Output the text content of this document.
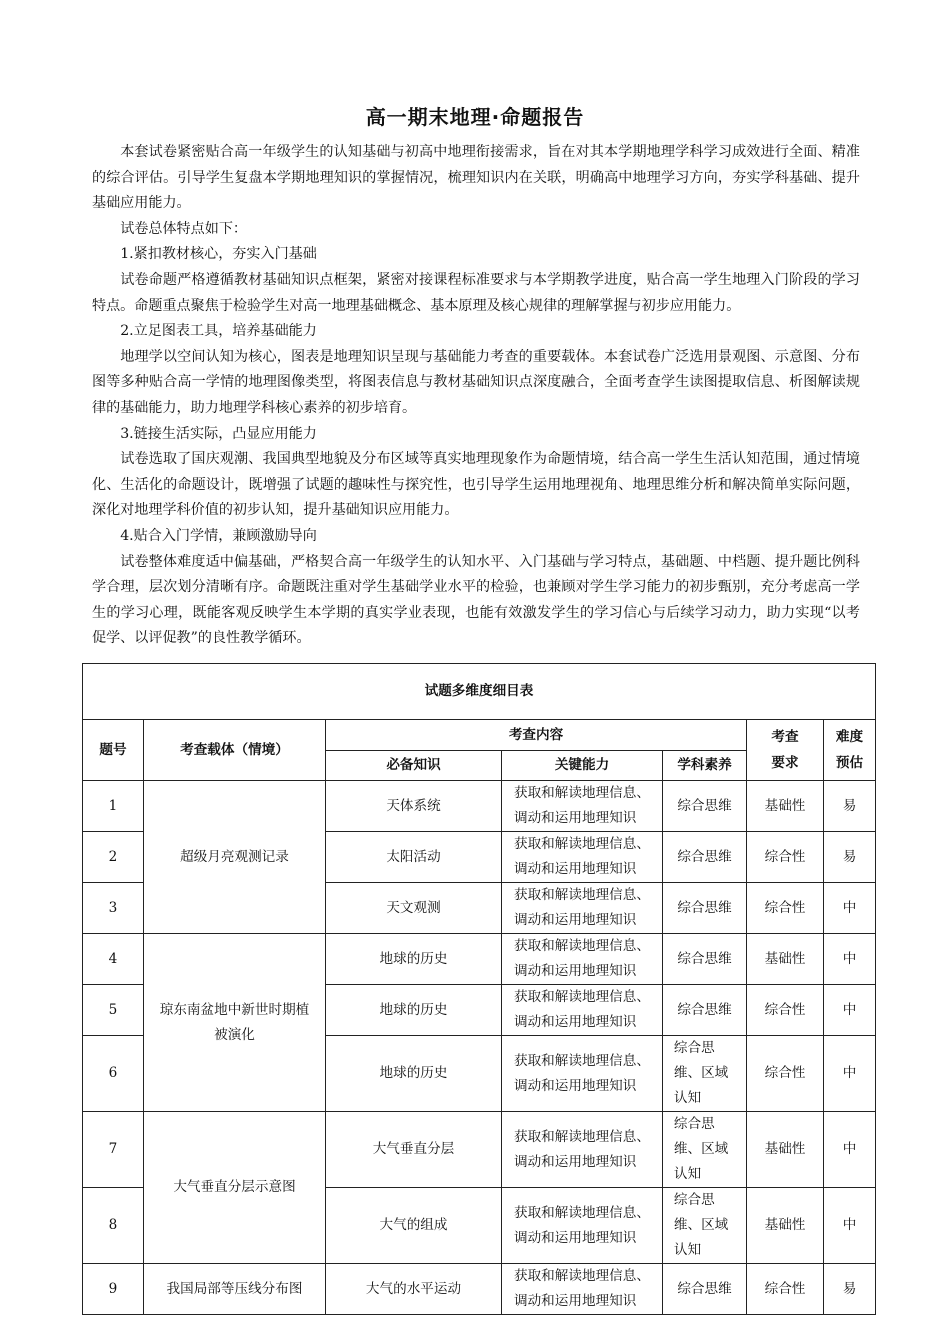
高一期末地理·命题报告

本套试卷紧密贴合高一年级学生的认知基础与初高中地理衔接需求，旨在对其本学期地理学科学习成效进行全面、精准的综合评估。引导学生复盘本学期地理知识的掌握情况，梳理知识内在关联，明确高中地理学习方向，夯实学科基础、提升基础应用能力。

试卷总体特点如下：

1.紧扣教材核心，夯实入门基础

试卷命题严格遵循教材基础知识点框架，紧密对接课程标准要求与本学期教学进度，贴合高一学生地理入门阶段的学习特点。命题重点聚焦于检验学生对高一地理基础概念、基本原理及核心规律的理解掌握与初步应用能力。

2.立足图表工具，培养基础能力

地理学以空间认知为核心，图表是地理知识呈现与基础能力考查的重要载体。本套试卷广泛选用景观图、示意图、分布图等多种贴合高一学情的地理图像类型，将图表信息与教材基础知识点深度融合，全面考查学生读图提取信息、析图解读规律的基础能力，助力地理学科核心素养的初步培育。

3.链接生活实际，凸显应用能力

试卷选取了国庆观潮、我国典型地貌及分布区域等真实地理现象作为命题情境，结合高一学生生活认知范围，通过情境化、生活化的命题设计，既增强了试题的趣味性与探究性，也引导学生运用地理视角、地理思维分析和解决简单实际问题，深化对地理学科价值的初步认知，提升基础知识应用能力。

4.贴合入门学情，兼顾激励导向

试卷整体难度适中偏基础，严格契合高一年级学生的认知水平、入门基础与学习特点，基础题、中档题、提升题比例科学合理，层次划分清晰有序。命题既注重对学生基础学业水平的检验，也兼顾对学生学习能力的初步甄别，充分考虑高一学生的学习心理，既能客观反映学生本学期的真实学业表现，也能有效激发学生的学习信心与后续学习动力，助力实现“以考促学、以评促教”的良性教学循环。

试题多维度细目表						
题号	考查载体（情境）	考查内容			考查要求	难度预估

		必备知识	关键能力	学科素养		
1	超级月亮观测记录	天体系统	获取和解读地理信息、调动和运用地理知识	综合思维	基础性	易
2		太阳活动	获取和解读地理信息、调动和运用地理知识	综合思维	综合性	易
3		天文观测	获取和解读地理信息、调动和运用地理知识	综合思维	综合性	中
4	琼东南盆地中新世时期植被演化	地球的历史	获取和解读地理信息、调动和运用地理知识	综合思维	基础性	中
5		地球的历史	获取和解读地理信息、调动和运用地理知识	综合思维	综合性	中
6		地球的历史	获取和解读地理信息、调动和运用地理知识	综合思维、区域认知	综合性	中
7	大气垂直分层示意图	大气垂直分层	获取和解读地理信息、调动和运用地理知识	综合思维、区域认知	基础性	中
8		大气的组成	获取和解读地理信息、调动和运用地理知识	综合思维、区域认知	基础性	中
9	我国局部等压线分布图	大气的水平运动	获取和解读地理信息、调动和运用地理知识	综合思维	综合性	易
